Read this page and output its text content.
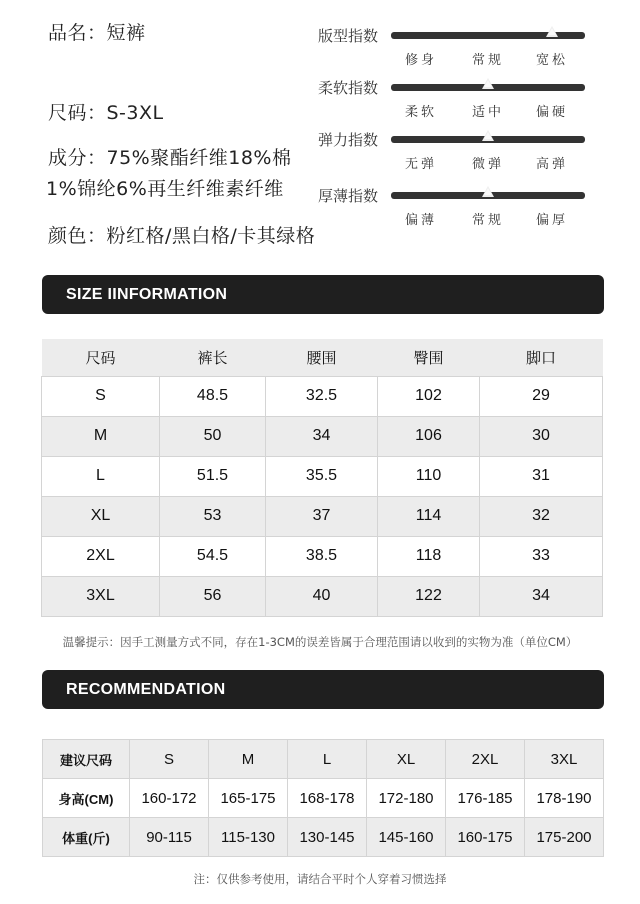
品名：短裤
尺码：S-3XL
成分：75%聚酯纤维18%棉
1%锦纶6%再生纤维素纤维
颜色：粉红格/黑白格/卡其绿格
版型指数
修身	常规 宽松
柔软指数
柔软	适中 偏硬
弹力指数
无弹	微弹 高弹
厚薄指数
偏薄	常规 偏厚
SIZE IINFORMATION
尺码	裤长	腰围	臀围	脚口
S	48.5	32.5	102	29
M	50	34	106	30
L	51.5	35.5	110	31
XL	53	37	114	32
2XL	54.5	38.5	118	33
3XL	56	40	122	34
温馨提示：因手工测量方式不同，存在1-3CM的误差皆属于合理范围请以收到的实物为准（单位CM）
RECOMMENDATION
建议尺码	S	M	L	XL	2XL	3XL
身高(CM)	160-172	165-175	168-178	172-180	176-185	178-190
体重(斤)	90-115	115-130	130-145	145-160	160-175	175-200
注：仅供参考使用，请结合平时个人穿着习惯选择
